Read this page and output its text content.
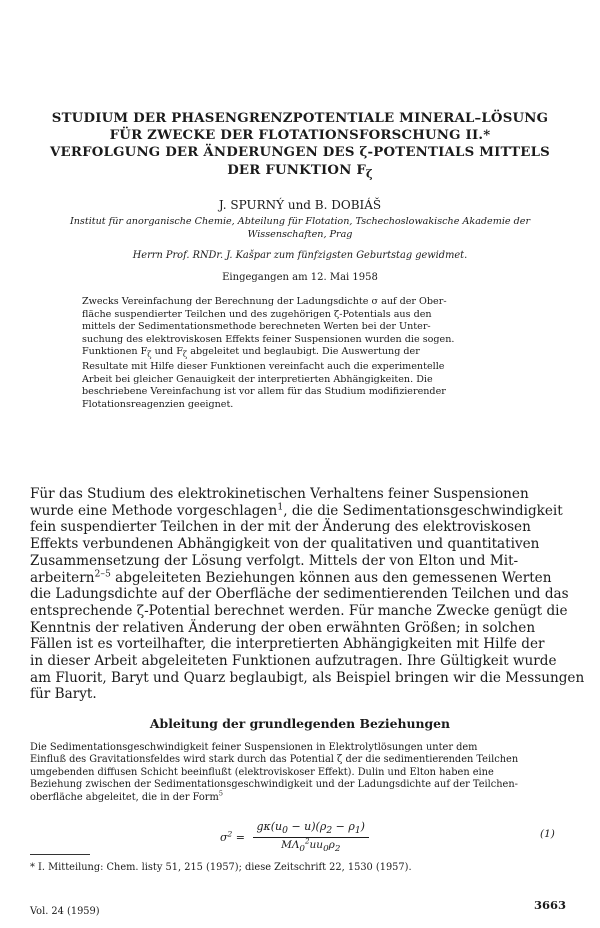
STUDIUM DER PHASENGRENZPOTENTIALE MINERAL–LÖSUNG
FÜR ZWECKE DER FLOTATIONSFORSCHUNG II.*
VERFOLGUNG DER ÄNDERUNGEN DES ζ-POTENTIALS MITTELS
DER FUNKTION $F_\zeta$
J. SPURNÝ und B. DOBIÁŠ
Institut für anorganische Chemie, Abteilung für Flotation, Tschechoslowakische Akademie der
Wissenschaften, Prag
Herrn Prof. RNDr. J. Kašpar zum fünfzigsten Geburtstag gewidmet.
Eingegangen am 12. Mai 1958
Zwecks Vereinfachung der Berechnung der Ladungsdichte σ auf der Ober-
fläche suspendierter Teilchen und des zugehörigen ζ-Potentials aus den
mittels der Sedimentationsmethode berechneten Werten bei der Unter-
suchung des elektroviskosen Effekts feiner Suspensionen wurden die sogen.
Funktionen $F_\zeta$ und $F_\zeta$ abgeleitet und beglaubigt. Die Auswertung der
Resultate mit Hilfe dieser Funktionen vereinfacht auch die experimentelle
Arbeit bei gleicher Genauigkeit der interpretierten Abhängigkeiten. Die
beschriebene Vereinfachung ist vor allem für das Studium modifizierender
Flotationsreagenzien geeignet.
Für das Studium des elektrokinetischen Verhaltens feiner Suspensionen
wurde eine Methode vorgeschlagen$^1$, die die Sedimentationsgeschwindigkeit
fein suspendierter Teilchen in der mit der Änderung des elektroviskosen
Effekts verbundenen Abhängigkeit von der qualitativen und quantitativen
Zusammensetzung der Lösung verfolgt. Mittels der von Elton und Mit-
arbeitern$^{2-5}$ abgeleiteten Beziehungen können aus den gemessenen Werten
die Ladungsdichte auf der Oberfläche der sedimentierenden Teilchen und das
entsprechende ζ-Potential berechnet werden. Für manche Zwecke genügt die
Kenntnis der relativen Änderung der oben erwähnten Größen; in solchen
Fällen ist es vorteilhafter, die interpretierten Abhängigkeiten mit Hilfe der
in dieser Arbeit abgeleiteten Funktionen aufzutragen. Ihre Gültigkeit wurde
am Fluorit, Baryt und Quarz beglaubigt, als Beispiel bringen wir die Messungen
für Baryt.
Ableitung der grundlegenden Beziehungen
Die Sedimentationsgeschwindigkeit feiner Suspensionen in Elektrolytlösungen unter dem
Einfluß des Gravitationsfeldes wird stark durch das Potential ζ der die sedimentierenden Teilchen
umgebenden diffusen Schicht beeinflußt (elektroviskoser Effekt). Dulin und Elton haben eine
Beziehung zwischen der Sedimentationsgeschwindigkeit und der Ladungsdichte auf der Teilchen-
oberfläche abgeleitet, die in der Form$^5$
$\sigma^2 = \frac{g\kappa(u_0 - u)(\rho_2 - \rho_1)}{M\Lambda_0^2uu_0\rho_2}$	(1)
* I. Mitteilung: Chem. listy 51, 215 (1957); diese Zeitschrift 22, 1530 (1957).
Vol. 24 (1959)	3663
